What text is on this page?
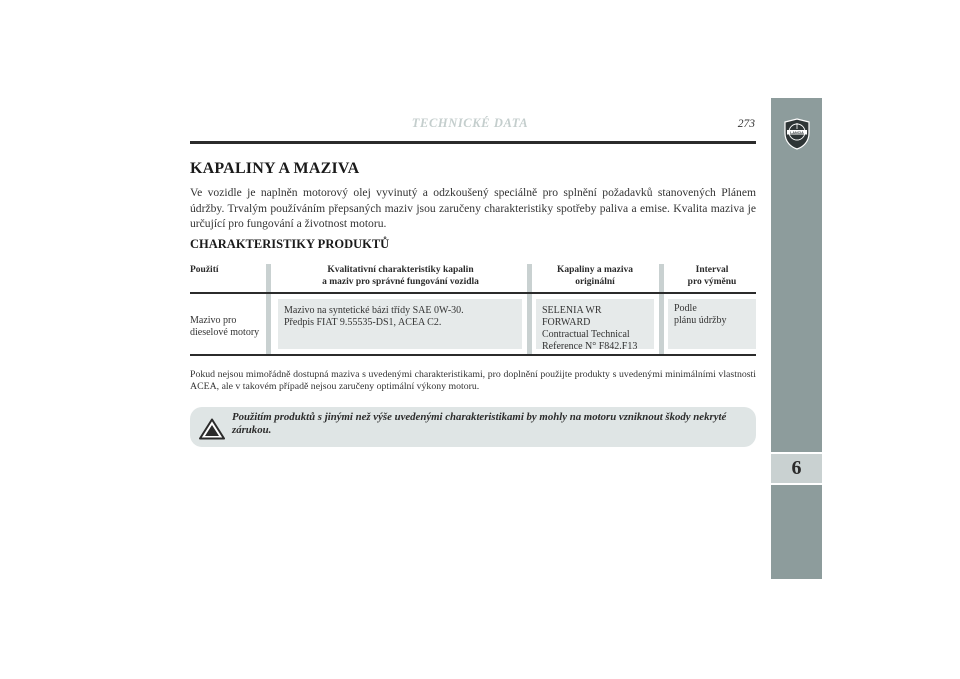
TECHNICKÉ DATA	273
LANCIA
6
KAPALINY A MAZIVA
Ve vozidle je naplněn motorový olej vyvinutý a odzkoušený speciálně pro splnění požadavků stanovených Plánem údržby. Trvalým používáním přepsaných maziv jsou zaručeny charakteristiky spotřeby paliva a emise. Kvalita maziva je určující pro fungování a životnost motoru.
CHARAKTERISTIKY PRODUKTŮ
Použití	Kvalitativní charakteristiky kapalin
a maziv pro správné fungování vozidla
Kapaliny a maziva
originální
Interval
pro výměnu
Mazivo pro
dieselové motory
Mazivo na syntetické bázi třídy SAE 0W-30.
Předpis FIAT 9.55535-DS1, ACEA C2.
SELENIA WR FORWARD
Contractual Technical
Reference N° F842.F13
Podle
plánu údržby
Pokud nejsou mimořádně dostupná maziva s uvedenými charakteristikami, pro doplnění použijte produkty s uvedenými minimálními vlastnosti ACEA, ale v takovém případě nejsou zaručeny optimální výkony motoru.
Použitím produktů s jinými než výše uvedenými charakteristikami by mohly na motoru vzniknout škody nekryté zárukou.
